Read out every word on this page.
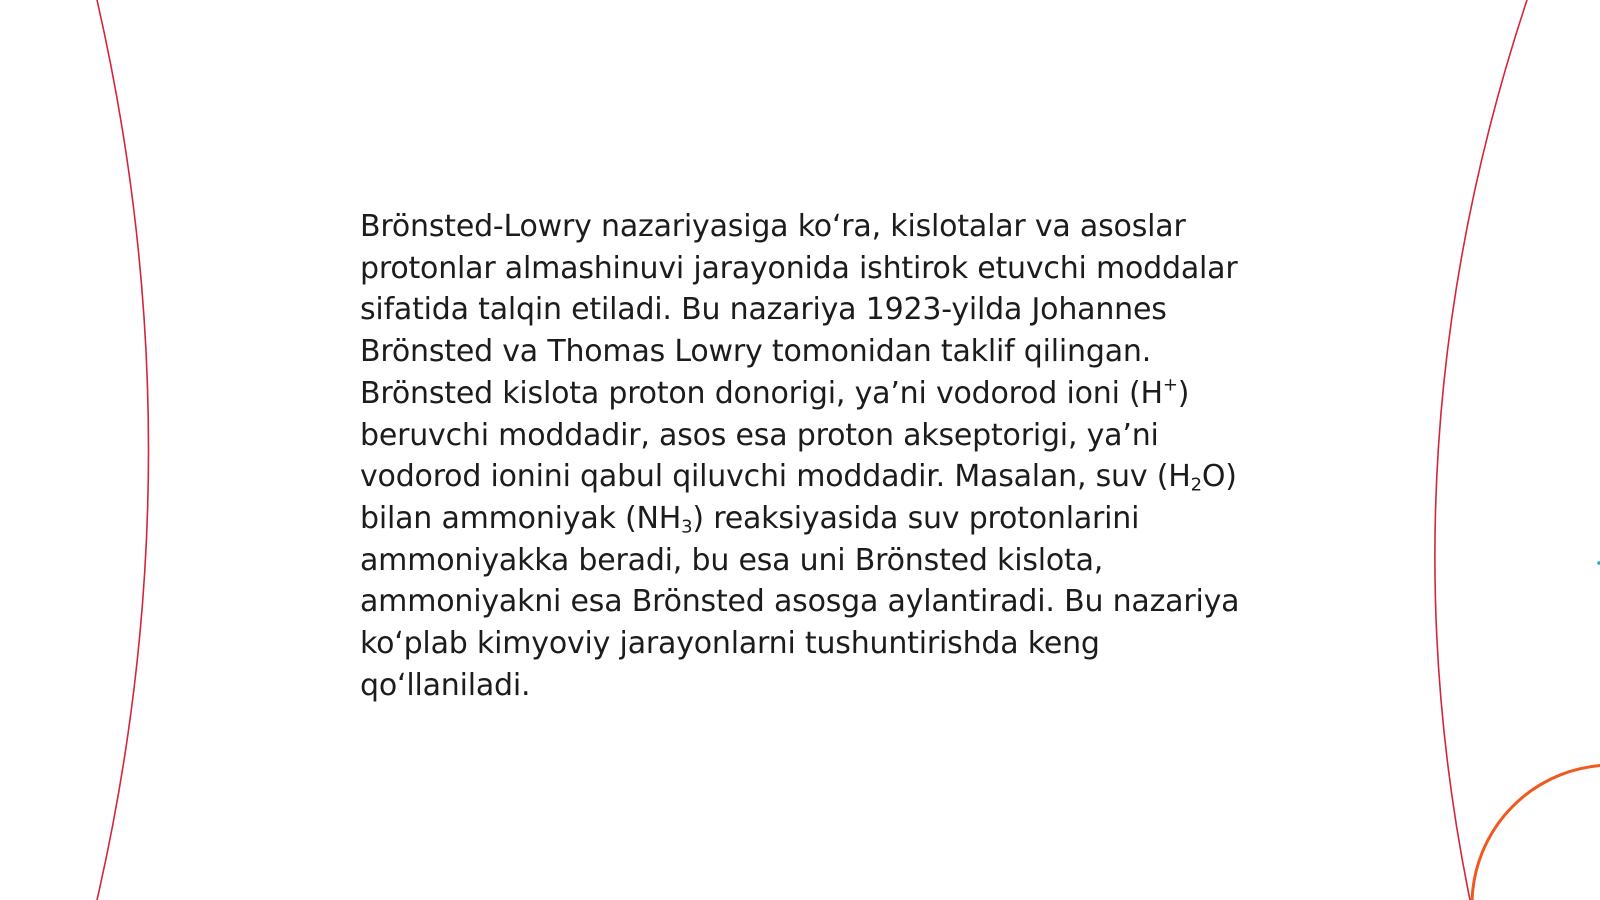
Brönsted-Lowry nazariyasiga koʻra, kislotalar va asoslar protonlar almashinuvi jarayonida ishtirok etuvchi moddalar sifatida talqin etiladi. Bu nazariya 1923-yilda Johannes Brönsted va Thomas Lowry tomonidan taklif qilingan. Brönsted kislota proton donorigi, yaʼni vodorod ioni (H+) beruvchi moddadir, asos esa proton akseptorigi, yaʼni vodorod ionini qabul qiluvchi moddadir. Masalan, suv $(H_2O)$ bilan ammoniyak $(NH_3)$ reaksiyasida suv protonlarini ammoniyakka beradi, bu esa uni Brönsted kislota, ammoniyakni esa Brönsted asosga aylantiradi. Bu nazariya koʻplab kimyoviy jarayonlarni tushuntirishda keng qoʻllaniladi.
